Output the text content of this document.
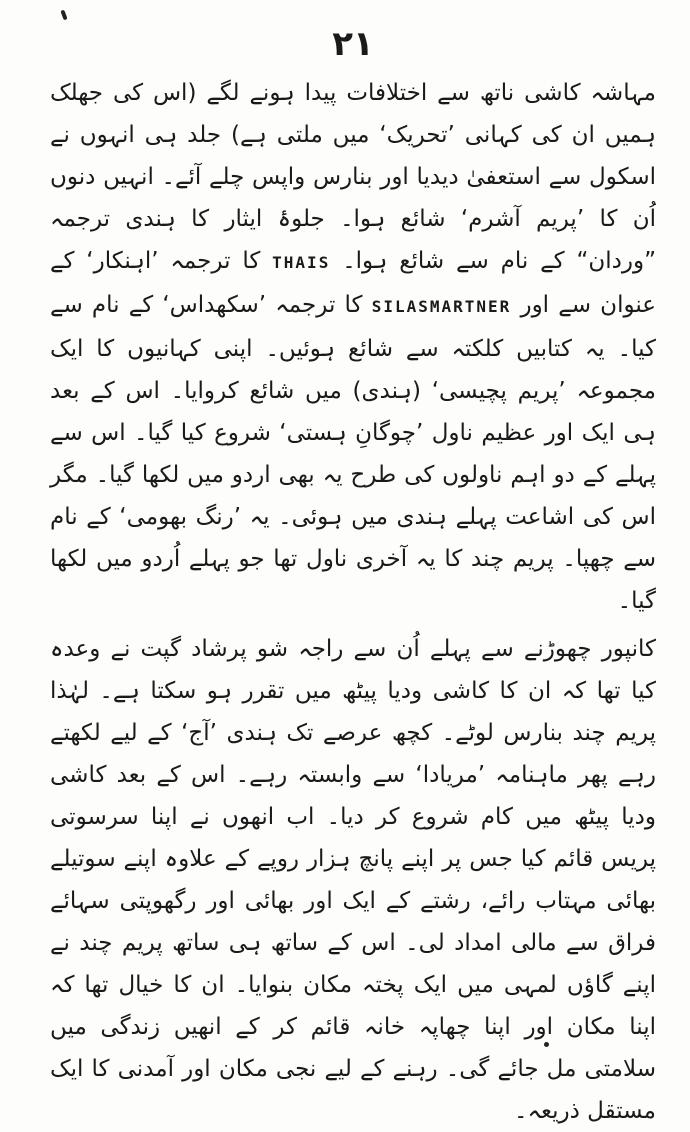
۲۱

مہاشہ کاشی ناتھ سے اختلافات پیدا ہونے لگے (اس کی جھلک ہمیں ان کی کہانی ’تحریک‘ میں ملتی ہے) جلد ہی انہوں نے اسکول سے استعفیٰ دیدیا اور بنارس واپس چلے آئے۔ انہیں دنوں اُن کا ’پریم آشرم‘ شائع ہوا۔ جلوۂ ایثار کا ہندی ترجمہ ”وردان“ کے نام سے شائع ہوا۔ THAIS کا ترجمہ ’اہنکار‘ کے عنوان سے اور SILASMARTNER کا ترجمہ ’سکھداس‘ کے نام سے کیا۔ یہ کتابیں کلکتہ سے شائع ہوئیں۔ اپنی کہانیوں کا ایک مجموعہ ’پریم پچیسی‘ (ہندی) میں شائع کروایا۔ اس کے بعد ہی ایک اور عظیم ناول ’چوگانِ ہستی‘ شروع کیا گیا۔ اس سے پہلے کے دو اہم ناولوں کی طرح یہ بھی اردو میں لکھا گیا۔ مگر اس کی اشاعت پہلے ہندی میں ہوئی۔ یہ ’رنگ بھومی‘ کے نام سے چھپا۔ پریم چند کا یہ آخری ناول تھا جو پہلے اُردو میں لکھا گیا۔

کانپور چھوڑنے سے پہلے اُن سے راجہ شو پرشاد گپت نے وعدہ کیا تھا کہ ان کا کاشی ودیا پیٹھ میں تقرر ہو سکتا ہے۔ لہٰذا پریم چند بنارس لوٹے۔ کچھ عرصے تک ہندی ’آج‘ کے لیے لکھتے رہے پھر ماہنامہ ’مریادا‘ سے وابستہ رہے۔ اس کے بعد کاشی ودیا پیٹھ میں کام شروع کر دیا۔ اب انھوں نے اپنا سرسوتی پریس قائم کیا جس پر اپنے پانچ ہزار روپے کے علاوہ اپنے سوتیلے بھائی مہتاب رائے، رشتے کے ایک اور بھائی اور رگھوپتی سہائے فراق سے مالی امداد لی۔ اس کے ساتھ ہی ساتھ پریم چند نے اپنے گاؤں لمہی میں ایک پختہ مکان بنوایا۔ ان کا خیال تھا کہ اپنا مکان اور اپنا چھاپہ خانہ قائم کر کے انھیں زندگی میں سلامتی مل جائے گی۔ رہنے کے لیے نجی مکان اور آمدنی کا ایک مستقل ذریعہ۔
